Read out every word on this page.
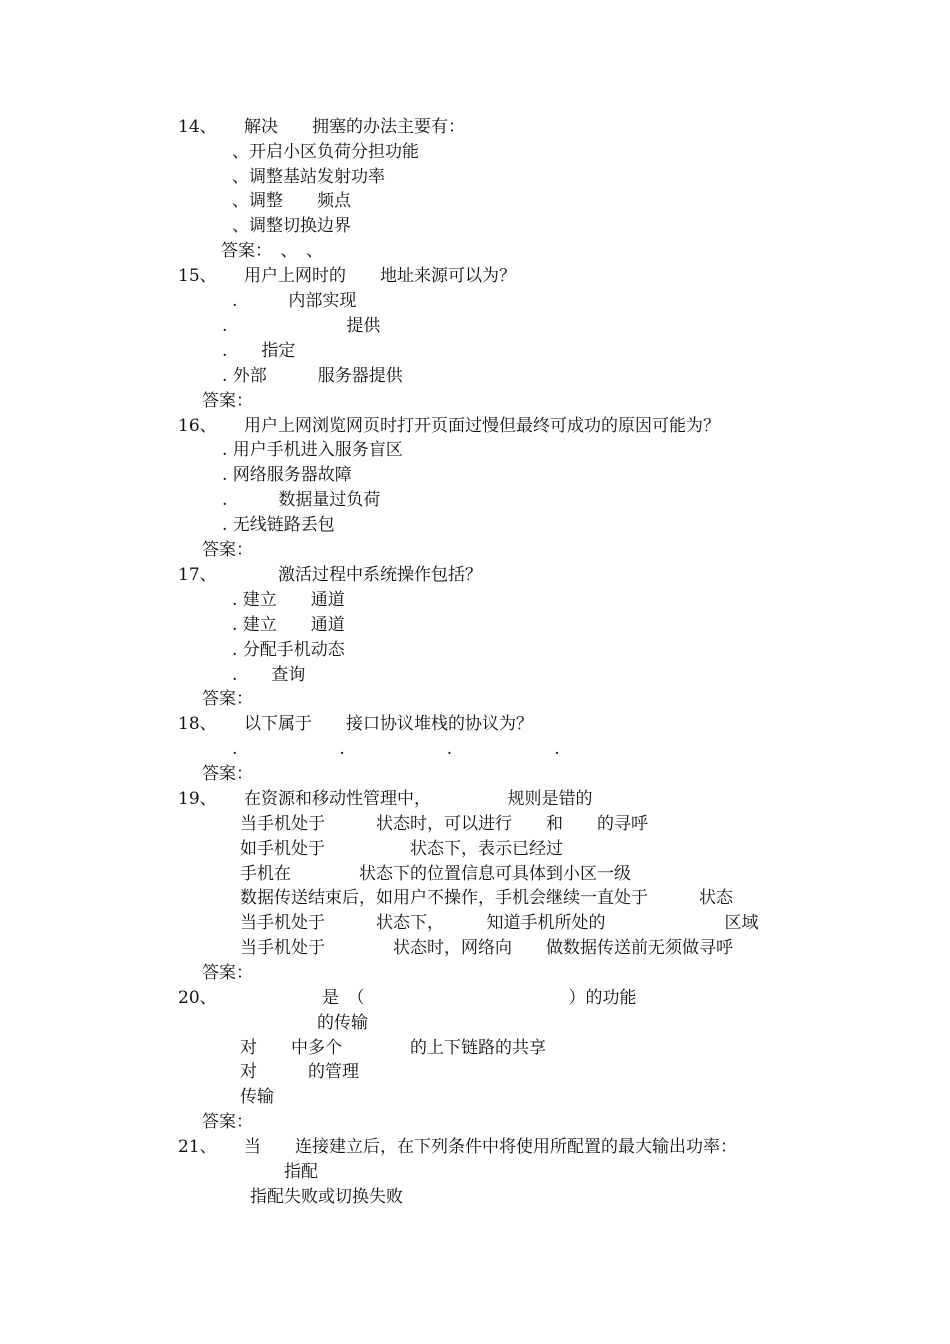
14、 解决　　拥塞的办法主要有：
、开启小区负荷分担功能
、调整基站发射功率
、调整　　频点
、调整切换边界
答案：　、　、
15、 用户上网时的　　地址来源可以为？
.　　　内部实现
.　　　　　　　提供
.　　指定
. 外部　　　服务器提供
答案：
16、 用户上网浏览网页时打开页面过慢但最终可成功的原因可能为？
. 用户手机进入服务盲区
. 网络服务器故障
.　　　数据量过负荷
. 无线链路丢包
答案：
17、	激活过程中系统操作包括？
. 建立　　通道
. 建立　　通道
. 分配手机动态
.　　查询
答案：
18、 以下属于　　接口协议堆栈的协议为？
.　　　　　　.　　　　　　.　　　　　　.
答案：
19、 在资源和移动性管理中，　　　　　规则是错的
当手机处于　　　状态时，可以进行　　和　　的寻呼
如手机处于　　　　　状态下，表示已经过
手机在　　　　状态下的位置信息可具体到小区一级
数据传送结束后，如用户不操作，手机会继续一直处于　　　状态
当手机处于　　　状态下，　　　知道手机所处的　　　　　　　区域
当手机处于　　　　状态时，网络向　　做数据传送前无须做寻呼
答案：
20、	是　（　　　　　　　　　　　　）的功能
的传输
对　　中多个　　　　的上下链路的共享
对　　　的管理
传输
答案：
21、 当　　连接建立后，在下列条件中将使用所配置的最大输出功率：
指配
指配失败或切换失败
